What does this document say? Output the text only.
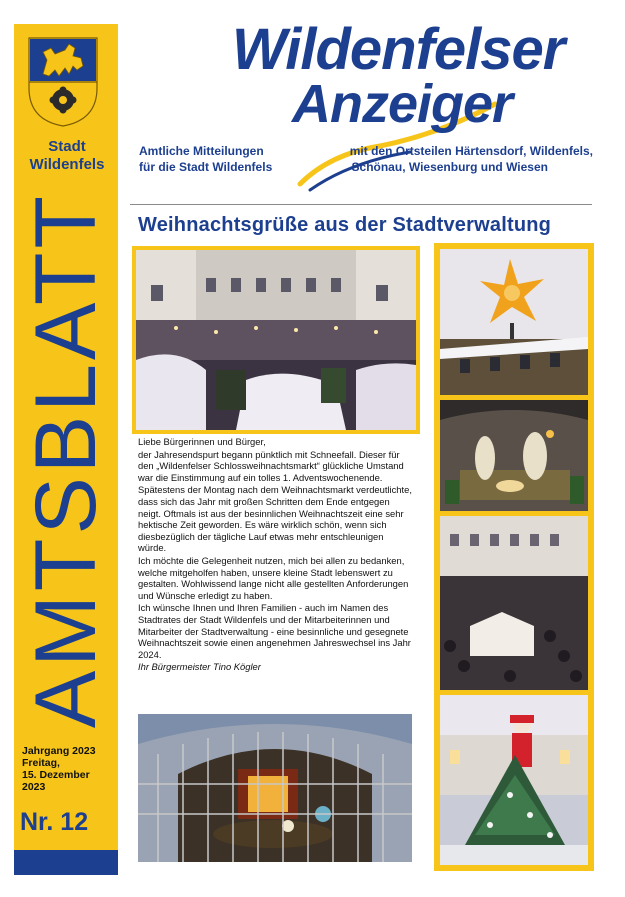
Stadt
Wildenfels
AMTSBLATT
Jahrgang 2023
Freitag,
15. Dezember
2023
Nr. 12
Wildenfelser
Anzeiger
Amtliche Mitteilungen
für die Stadt Wildenfels
mit den Ortsteilen Härtensdorf, Wildenfels,
Schönau, Wiesenburg und Wiesen
Weihnachtsgrüße aus der Stadtverwaltung

Liebe Bürgerinnen und Bürger,

der Jahresendspurt begann pünktlich mit Schneefall. Dieser für den „Wildenfelser Schlossweihnachtsmarkt“ glückliche Umstand war die Einstimmung auf ein tolles 1. Adventswochenende.

Spätestens der Montag nach dem Weihnachtsmarkt verdeutlichte, dass sich das Jahr mit großen Schritten dem Ende entgegen neigt. Oftmals ist aus der besinnlichen Weihnachtszeit eine sehr hektische Zeit geworden. Es wäre wirklich schön, wenn sich diesbezüglich der tägliche Lauf etwas mehr entschleunigen würde.

Ich möchte die Gelegenheit nutzen, mich bei allen zu bedanken, welche mitgeholfen haben, unsere kleine Stadt lebenswert zu gestalten. Wohlwissend lange nicht alle gestellten Anforderungen und Wünsche erledigt zu haben.

Ich wünsche Ihnen und Ihren Familien - auch im Namen des Stadtrates der Stadt Wildenfels und der Mitarbeiterinnen und Mitarbeiter der Stadtverwaltung - eine besinnliche und gesegnete Weihnachtszeit sowie einen angenehmen Jahreswechsel ins Jahr 2024.

Ihr Bürgermeister Tino Kögler
